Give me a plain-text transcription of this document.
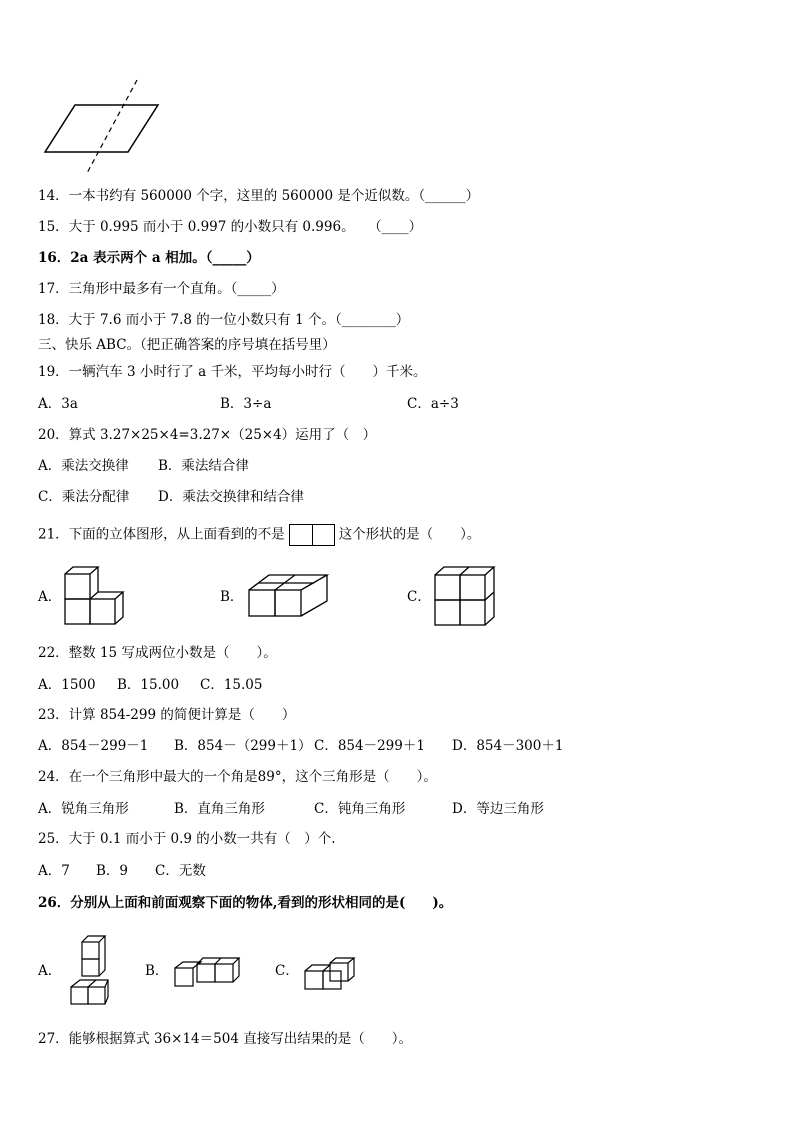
14．一本书约有 560000 个字，这里的 560000 是个近似数。（______）
15．大于 0.995 而小于 0.997 的小数只有 0.996。　　（____）
16．2a 表示两个 a 相加。（_____）
17．三角形中最多有一个直角。（_____）
18．大于 7.6 而小于 7.8 的一位小数只有 1 个。（________）
三、快乐 ABC。（把正确答案的序号填在括号里）
19．一辆汽车 3 小时行了 a 千米，平均每小时行（　　）千米。
A．3a	B．3÷a	C．a÷3
20．算式 3.27×25×4=3.27×（25×4）运用了（　）
A．乘法交换律 B．乘法结合律
C．乘法分配律 D．乘法交换律和结合律
21．下面的立体图形，从上面看到的不是	这个形状的是（　　）。
A．	B．	C．
22．整数 15 写成两位小数是（　　）。
A．1500 B．15.00 C．15.05
23．计算 854-299 的简便计算是（　　）
A．854－299－1 B．854－（299＋1） C．854－299＋1 D．854－300＋1
24．在一个三角形中最大的一个角是89°，这个三角形是（　　）。
A．锐角三角形	B．直角三角形	C．钝角三角形	D．等边三角形
25．大于 0.1 而小于 0.9 的小数一共有（　）个.
A．7 B．9 C．无数
26．分别从上面和前面观察下面的物体,看到的形状相同的是(　　)。
A．	B．	C．
27．能够根据算式 36×14＝504 直接写出结果的是（　　）。
